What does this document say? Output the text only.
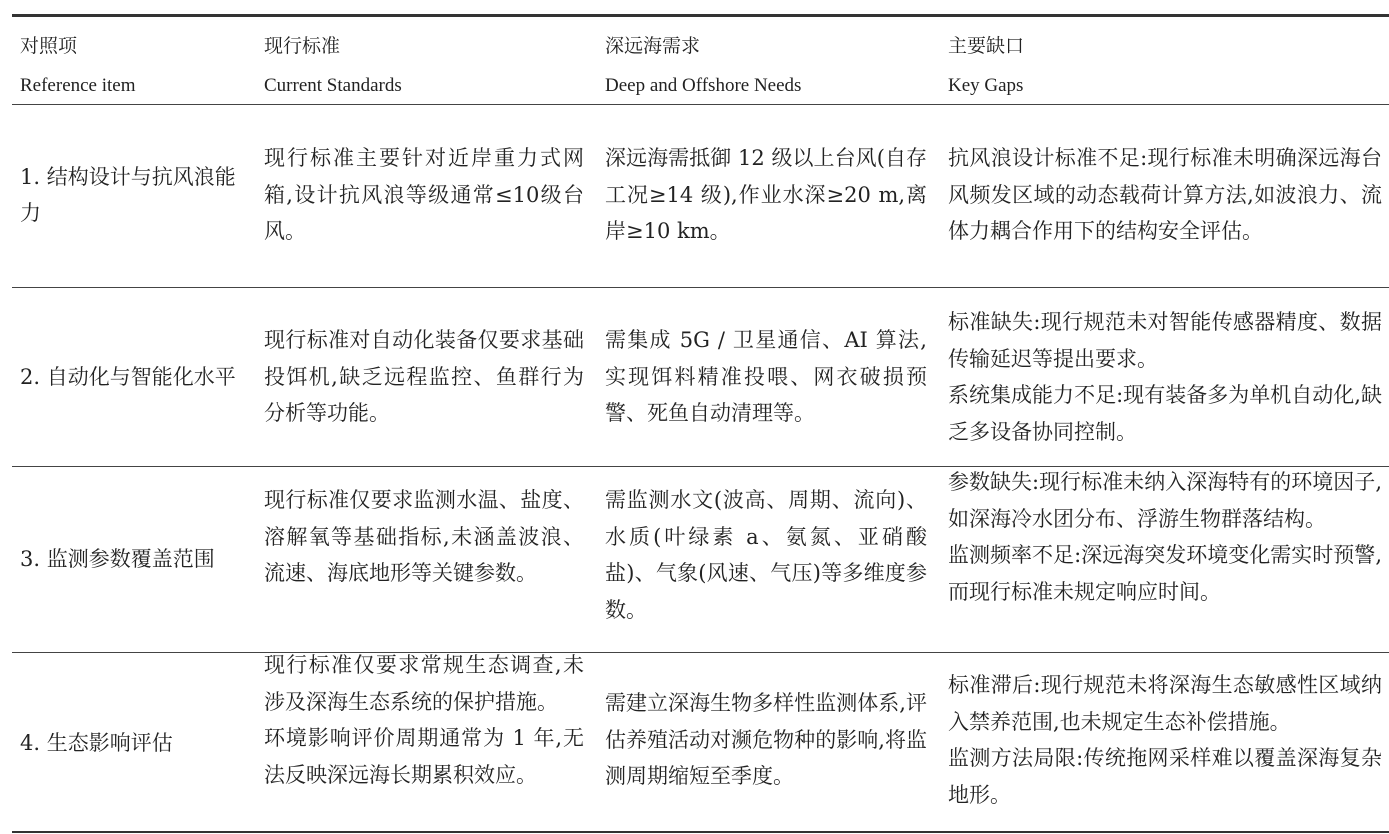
对照项
Reference item
现行标准
Current Standards
深远海需求
Deep and Offshore Needs
主要缺口
Key Gaps
1. 结构设计与抗风浪能力

现行标准主要针对近岸重力式网箱,设计抗风浪等级通常≤10级台风。

深远海需抵御 12 级以上台风(自存工况≥14 级),作业水深≥20 m,离岸≥10 km。

抗风浪设计标准不足:现行标准未明确深远海台风频发区域的动态载荷计算方法,如波浪力、流体力耦合作用下的结构安全评估。

2. 自动化与智能化水平

现行标准对自动化装备仅要求基础投饵机,缺乏远程监控、鱼群行为分析等功能。

需集成 5G / 卫星通信、AI 算法,实现饵料精准投喂、网衣破损预警、死鱼自动清理等。

标准缺失:现行规范未对智能传感器精度、数据传输延迟等提出要求。

系统集成能力不足:现有装备多为单机自动化,缺乏多设备协同控制。

3. 监测参数覆盖范围

现行标准仅要求监测水温、盐度、溶解氧等基础指标,未涵盖波浪、流速、海底地形等关键参数。

需监测水文(波高、周期、流向)、水质(叶绿素 a、氨氮、亚硝酸盐)、气象(风速、气压)等多维度参数。

参数缺失:现行标准未纳入深海特有的环境因子,如深海冷水团分布、浮游生物群落结构。

监测频率不足:深远海突发环境变化需实时预警,而现行标准未规定响应时间。

4. 生态影响评估

现行标准仅要求常规生态调查,未涉及深海生态系统的保护措施。

环境影响评价周期通常为 1 年,无法反映深远海长期累积效应。

需建立深海生物多样性监测体系,评估养殖活动对濒危物种的影响,将监测周期缩短至季度。

标准滞后:现行规范未将深海生态敏感性区域纳入禁养范围,也未规定生态补偿措施。

监测方法局限:传统拖网采样难以覆盖深海复杂地形。
